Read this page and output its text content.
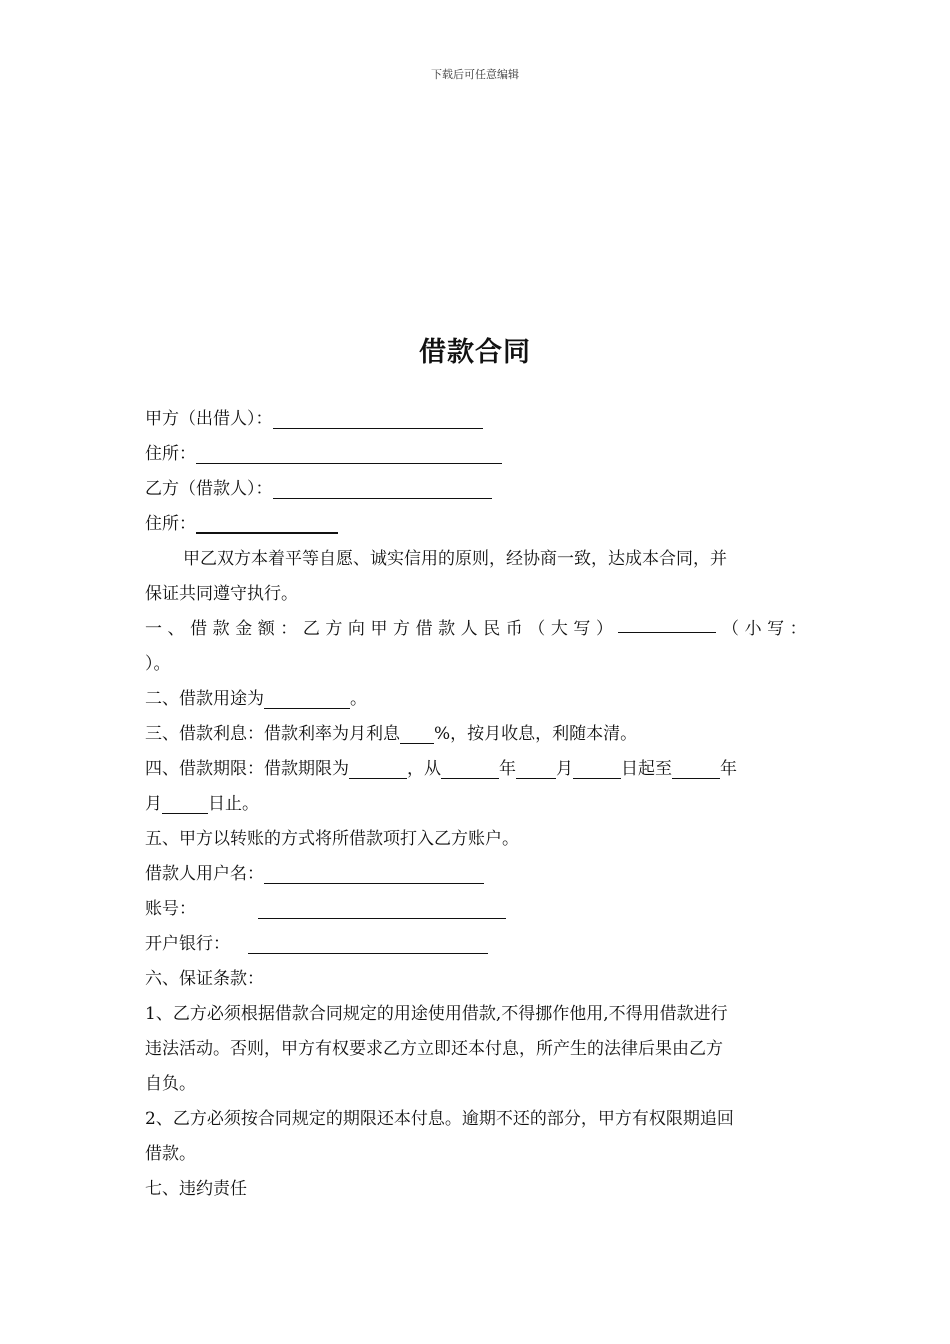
下载后可任意编辑
借款合同
甲方（出借人）：
住所：
乙方（借款人）：
住所：
甲乙双方本着平等自愿、诚实信用的原则，经协商一致，达成本合同，并
保证共同遵守执行。
一 、 借 款 金 额 ： 乙 方 向 甲 方 借 款 人 民 币 （ 大 写 ）	（ 小 写 ：
）。
二、借款用途为	。
三、借款利息：借款利率为月利息 %，按月收息，利随本清。
四、借款期限：借款期限为	，从	年 月	日起至	年
月	日止。
五、甲方以转账的方式将所借款项打入乙方账户。
借款人用户名：
账号：
开户银行：
六、保证条款：
1、乙方必须根据借款合同规定的用途使用借款,不得挪作他用,不得用借款进行
违法活动。否则，甲方有权要求乙方立即还本付息，所产生的法律后果由乙方
自负。
2、乙方必须按合同规定的期限还本付息。逾期不还的部分，甲方有权限期追回
借款。
七、违约责任
